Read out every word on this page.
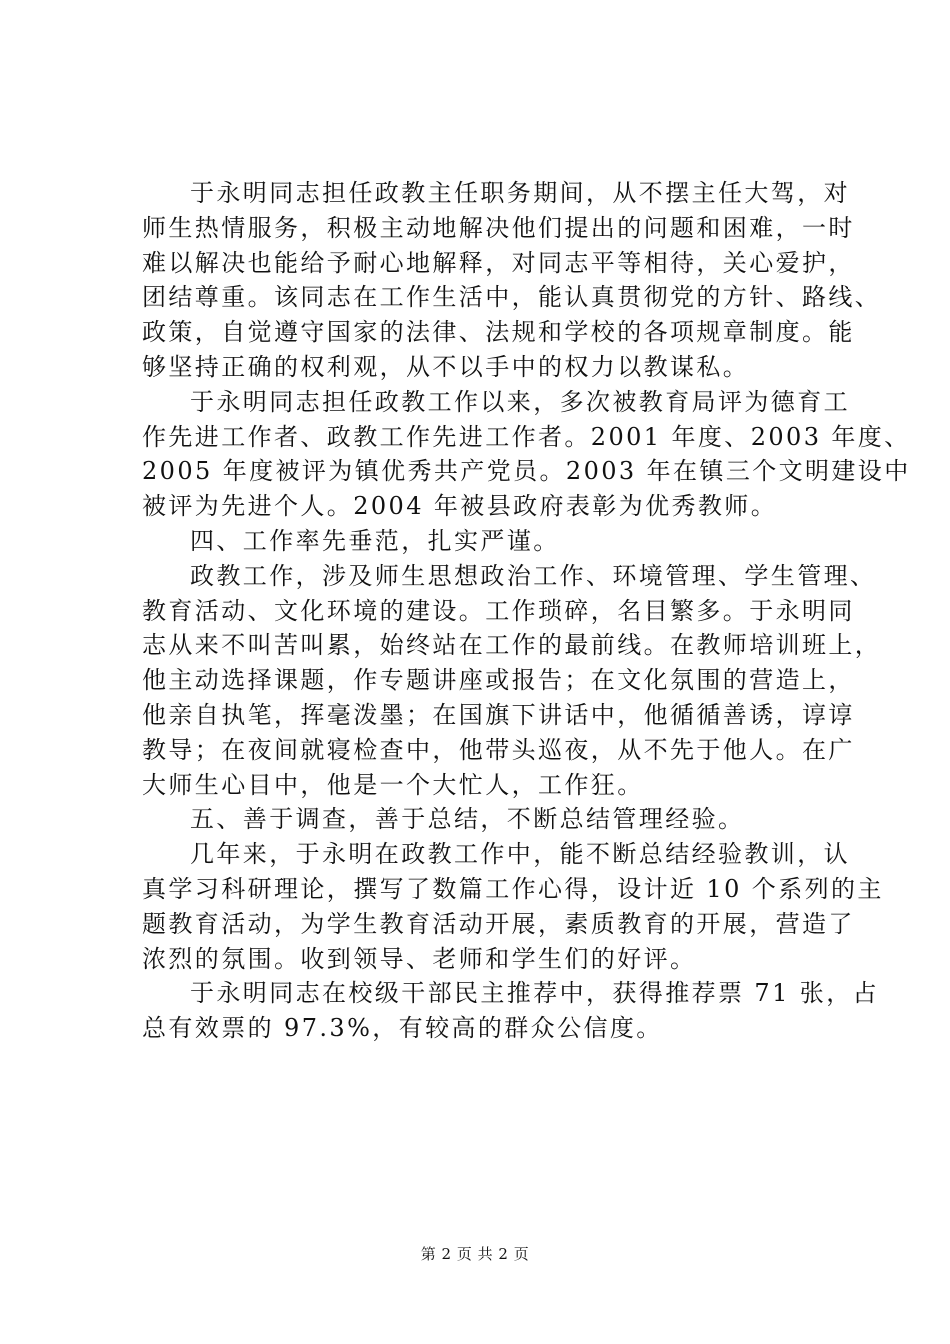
于永明同志担任政教主任职务期间，从不摆主任大驾，对
师生热情服务，积极主动地解决他们提出的问题和困难，一时
难以解决也能给予耐心地解释，对同志平等相待，关心爱护，
团结尊重。该同志在工作生活中，能认真贯彻党的方针、路线、
政策，自觉遵守国家的法律、法规和学校的各项规章制度。能
够坚持正确的权利观，从不以手中的权力以教谋私。
于永明同志担任政教工作以来，多次被教育局评为德育工
作先进工作者、政教工作先进工作者。2001 年度、2003 年度、
2005 年度被评为镇优秀共产党员。2003 年在镇三个文明建设中
被评为先进个人。2004 年被县政府表彰为优秀教师。
四、工作率先垂范，扎实严谨。
政教工作，涉及师生思想政治工作、环境管理、学生管理、
教育活动、文化环境的建设。工作琐碎，名目繁多。于永明同
志从来不叫苦叫累，始终站在工作的最前线。在教师培训班上，
他主动选择课题，作专题讲座或报告；在文化氛围的营造上，
他亲自执笔，挥毫泼墨；在国旗下讲话中，他循循善诱，谆谆
教导；在夜间就寝检查中，他带头巡夜，从不先于他人。在广
大师生心目中，他是一个大忙人，工作狂。
五、善于调查，善于总结，不断总结管理经验。
几年来，于永明在政教工作中，能不断总结经验教训，认
真学习科研理论，撰写了数篇工作心得，设计近 10 个系列的主
题教育活动，为学生教育活动开展，素质教育的开展，营造了
浓烈的氛围。收到领导、老师和学生们的好评。
于永明同志在校级干部民主推荐中，获得推荐票 71 张，占
总有效票的 97.3%，有较高的群众公信度。
第 2 页 共 2 页
